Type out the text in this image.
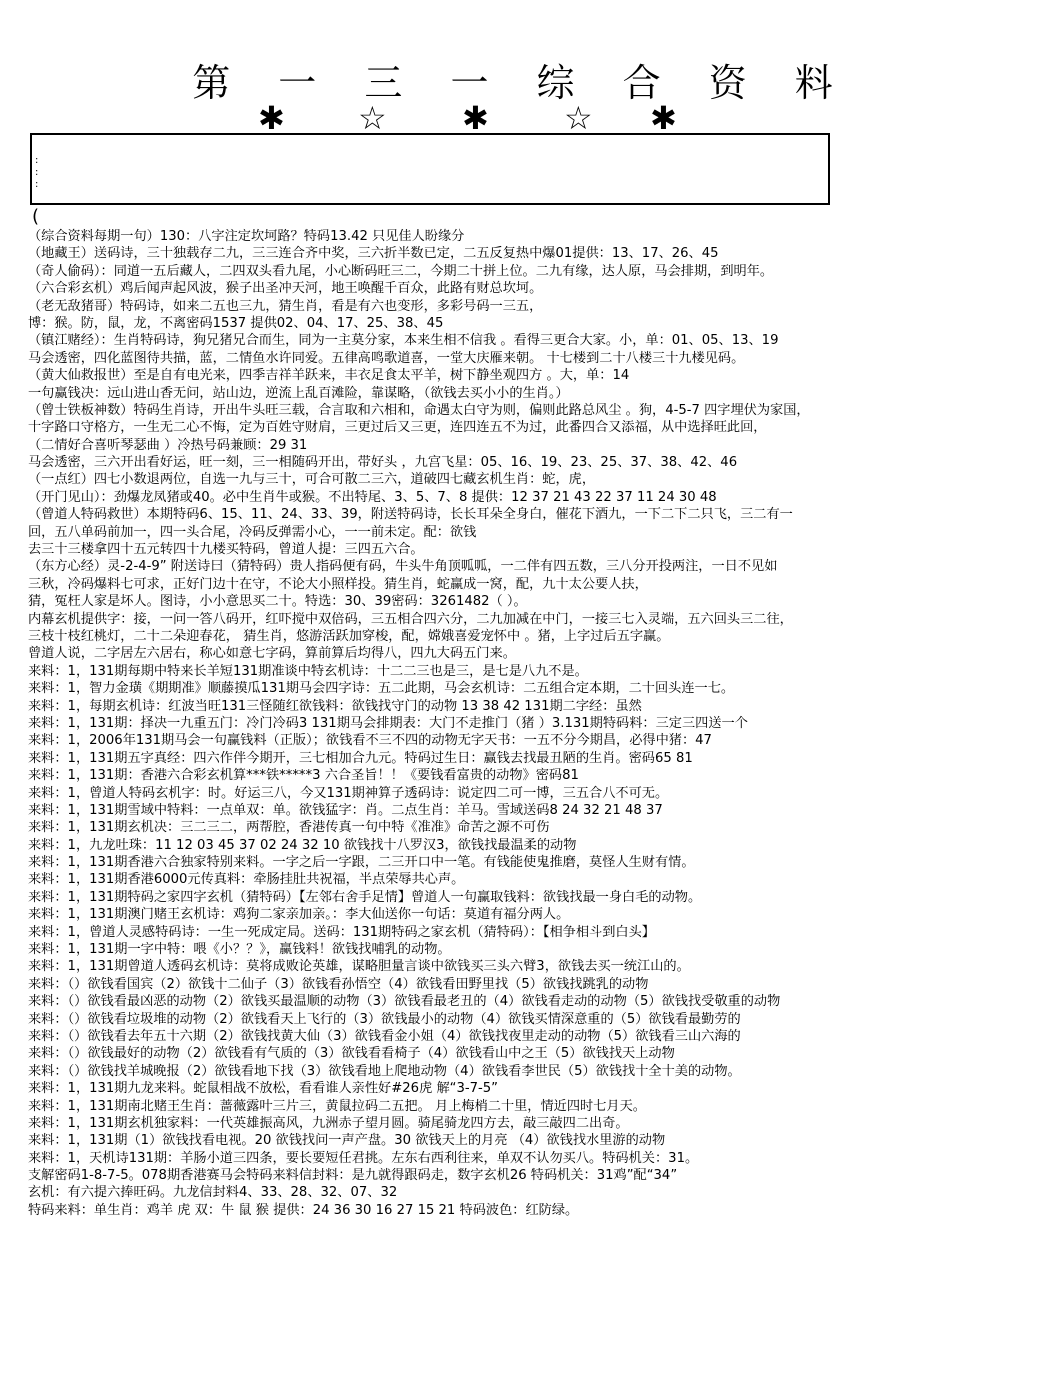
第 一 三 一 综 合 资 料
✱ ☆ ✱ ☆ ✱
:
:
:
(
（综合资料每期一句）130：八字注定坎坷路？特码13.42 只见佳人盼缘分
（地藏王）送码诗，三十独载存二九，三三连合齐中奖，三六折半数已定，二五反复热中爆01提供：13、17、26、45
（奇人偷码）：同道一五后藏人，二四双头看九尾，小心断码旺三二，今期二十拼上位。二九有缘，达人原，马会排期，到明年。
（六合彩玄机）鸡后闻声起风波，猴子出圣冲天河，地王唤醒千百众，此路有财总坎坷。
（老无敌猪哥）特码诗，如来二五也三九，猜生肖，看是有六也变形，多彩号码一三五，
博：猴。防，鼠，龙，不离密码1537 提供02、04、17、25、38、45
（镇江赌经）：生肖特码诗，狗兄猪兄合而生，同为一主莫分家，本来生相不信我 。看得三更合大家。小，单：01、05、13、19
马会透密，四化蓝图待共描，蓝，二情鱼水许同爱。五律高鸣歌道喜，一堂大庆雁来朝。 十七楼到二十八楼三十九楼见码。
（黄大仙救报世）至是自有电光来，四季吉祥羊跃来，丰衣足食太平羊，树下静坐观四方 。大，单：14
一句赢钱决：远山进山香无问，站山边，逆流上乱百滩险，靠谋略，（欲钱去买小小的生肖。）
（曾士铁板神数）特码生肖诗，开出牛头旺三载，合言取和六相和，命遇太白守为则，偏则此路总风尘 。狗，4-5-7 四字埋伏为家国，
十字路口守格方，一生无二心不悔，定为百姓守财肩，三更过后又三更，连四连五不为过，此番四合又添福，从中选择旺此回，
（二情好合喜听琴瑟曲 ）冷热号码兼顾：29 31
马会透密，三六开出看好运，旺一刻，三一相随码开出，带好头 ，九宫飞星：05、16、19、23、25、37、38、42、46
（一点红）四七小数退两位，自选一九与三十，可合可散二三六，道破四七藏玄机生肖：蛇，虎，
（开门见山）：劲爆龙凤猪或40。必中生肖牛或猴。不出特尾、3、5、7、8 提供：12 37 21 43 22 37 11 24 30 48
（曾道人特码救世）本期特码6、15、11、24、33、39，附送特码诗，长长耳朵全身白，催花下酒九，一下二下二只飞，三二有一
回，五八单码前加一，四一头合尾，冷码反弹需小心，一一前未定。配：欲钱
去三十三楼拿四十五元转四十九楼买特码，曾道人提：三四五六合。
（东方心经）灵-2-4-9” 附送诗曰（猜特码）贵人指码便有码，牛头牛角顶呱呱，一二伴有四五数，三八分开投两注，一日不见如
三秋，冷码爆料七可求，正好门边十在守，不论大小照样投。猜生肖，蛇赢成一窝，配，九十太公要人扶，
猜，冤枉人家是坏人。图诗，小小意思买二十。特选：30、39密码：3261482（ ）。
内幕玄机提供字：接，一问一答八码开，红吓搅中双倍码，三五相合四六分，二九加减在中门，一接三七入灵端，五六回头三二往，
三枝十枝红桃灯，二十二朵迎春花， 猜生肖，悠游活跃加穿梭，配，嫦娥喜爱宠怀中 。猪，上字过后五字赢。
曾道人说，二字居左六居右，称心如意七字码，算前算后均得八，四九大码五门来。
来料：1，131期每期中特来长羊短131期准谈中特玄机诗：十二二三也是三，是七是八九不是。
来料：1，智力金璜《期期准》顺藤摸瓜131期马会四字诗：五二此期，马会玄机诗：二五组合定本期，二十回头连一七。
来料：1，每期玄机诗：红波当旺131三怪随红欲钱料：欲钱找守门的动物 13 38 42 131期二字经：虽然
来料：1，131期：择决一九重五门：冷门冷码3 131期马会排期表：大门不走推门（猪 ）3.131期特码料：三定三四送一个
来料：1，2006年131期马会一句赢钱料（正版）；欲钱看不三不四的动物无字天书：一五不分今期昌，必得中猪：47
来料：1，131期五字真经：四六作伴今期开，三七相加合九元。特码过生日：赢钱去找最丑陋的生肖。密码65 81
来料：1，131期：香港六合彩玄机算***铁*****3 六合圣旨！！《要钱看富贵的动物》密码81
来料：1，曾道人特码玄机字：时。好运三八，今又131期神算子透码诗：说定四二可一博，三五合八不可无。
来料：1，131期雪域中特料：一点单双：单。欲钱猛字：肖。二点生肖：羊马。雪域送码8 24 32 21 48 37
来料：1，131期玄机决：三二三二，两帮腔，香港传真一句中特《准准》命苦之源不可伤
来料：1，九龙吐珠：11 12 03 45 37 02 24 32 10 欲钱找十八罗汉3，欲钱找最温柔的动物
来料：1，131期香港六合独家特别来料。一字之后一字跟，二三开口中一笔。有钱能使鬼推磨，莫怪人生财有情。
来料：1，131期香港6000元传真料：牵肠挂肚共祝福，半点荣辱共心声。
来料：1，131期特码之家四字玄机（猜特码）【左邻右舍手足情】曾道人一句赢取钱料：欲钱找最一身白毛的动物。
来料：1，131期澳门赌王玄机诗：鸡狗二家亲加亲。：李大仙送你一句话：莫道有福分两人。
来料：1，曾道人灵感特码诗：一生一死成定局。送码：131期特码之家玄机（猜特码）：【相争相斗到白头】
来料：1，131期一字中特：喂《小？？》，赢钱料！欲钱找哺乳的动物。
来料：1，131期曾道人透码玄机诗：莫将成败论英雄，谋略胆量言谈中欲钱买三头六臂3，欲钱去买一统江山的。
来料：（）欲钱看国宾（2）欲钱十二仙子（3）欲钱看孙悟空（4）欲钱看田野里找（5）欲钱找跳乳的动物
来料：（）欲钱看最凶恶的动物（2）欲钱买最温顺的动物（3）欲钱看最老丑的（4）欲钱看走动的动物（5）欲钱找受敬重的动物
来料：（）欲钱看垃圾堆的动物（2）欲钱看天上飞行的（3）欲钱最小的动物（4）欲钱买情深意重的（5）欲钱看最勤劳的
来料：（）欲钱看去年五十六期（2）欲钱找黄大仙（3）欲钱看金小姐（4）欲钱找夜里走动的动物（5）欲钱看三山六海的
来料：（）欲钱最好的动物（2）欲钱看有气质的（3）欲钱看看椅子（4）欲钱看山中之王（5）欲钱找天上动物
来料：（）欲钱找羊城晚报（2）欲钱看地下找（3）欲钱看地上爬地动物（4）欲钱看李世民（5）欲钱找十全十美的动物。
来料：1，131期九龙来料。蛇鼠相战不放松，看看谁人亲性好#26虎 解“3-7-5”
来料：1，131期南北赌王生肖：蔷薇露叶三片三，黄鼠拉码二五把。 月上梅梢二十里，情近四时七月天。
来料：1，131期玄机独家料：一代英雄振高风，九洲赤子望月圆。骑尾骑龙四方去，敲三敲四二出奇。
来料：1，131期（1）欲钱找看电视。20 欲钱找问一声产盘。30 欲钱天上的月亮 （4）欲钱找水里游的动物
来料：1，天机诗131期：羊肠小道三四条，要长要短任君挑。左东右西利往来，单双不认勿买八。特码机关：31。
支解密码1-8-7-5。078期香港赛马会特码来料信封料：是九就得跟码走，数字玄机26 特码机关：31鸡”配“34”
玄机：有六提六捧旺码。九龙信封料4、33、28、32、07、32
特码来料：单生肖：鸡羊 虎 双：牛 鼠 猴 提供：24 36 30 16 27 15 21 特码波色：红防绿。
